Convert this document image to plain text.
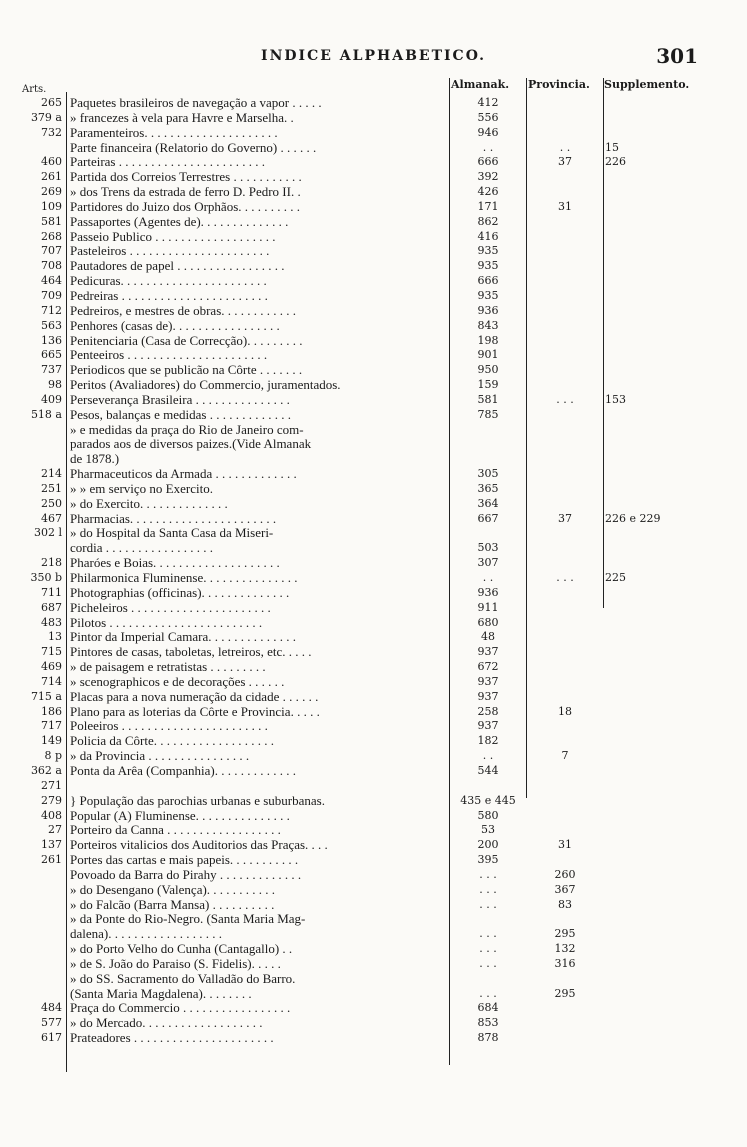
INDICE ALPHABETICO.	301
Arts.	Almanak. Provincia. Supplemento.
265 Paquetes brasileiros de navegação a vapor . . . . .	412
379 a » francezes à vela para Havre e Marselha. .	556
732 Paramenteiros. . . . . . . . . . . . . . . . . . . . .	946
Parte financeira (Relatorio do Governo) . . . . . .	. .	. .	15
460 Parteiras . . . . . . . . . . . . . . . . . . . . . . .	666	37	226
261 Partida dos Correios Terrestres . . . . . . . . . . .	392
269 » dos Trens da estrada de ferro D. Pedro II. .	426
109 Partidores do Juizo dos Orphãos. . . . . . . . . .	171	31
581 Passaportes (Agentes de). . . . . . . . . . . . . .	862
268 Passeio Publico . . . . . . . . . . . . . . . . . . .	416
707 Pasteleiros . . . . . . . . . . . . . . . . . . . . . .	935
708 Pautadores de papel . . . . . . . . . . . . . . . . .	935
464 Pedicuras. . . . . . . . . . . . . . . . . . . . . . .	666
709 Pedreiras . . . . . . . . . . . . . . . . . . . . . . .	935
712 Pedreiros, e mestres de obras. . . . . . . . . . . .	936
563 Penhores (casas de). . . . . . . . . . . . . . . . .	843
136 Penitenciaria (Casa de Correcção). . . . . . . . .	198
665 Penteeiros . . . . . . . . . . . . . . . . . . . . . .	901
737 Periodicos que se publicão na Côrte . . . . . . .	950
98 Peritos (Avaliadores) do Commercio, juramentados.	159
409 Perseverança Brasileira . . . . . . . . . . . . . . .	581	. . .	153
518 a Pesos, balanças e medidas . . . . . . . . . . . . .	785
» e medidas da praça do Rio de Janeiro com-
parados aos de diversos paizes.(Vide Almanak
de 1878.)
214 Pharmaceuticos da Armada . . . . . . . . . . . . .	305
251 » » em serviço no Exercito.	365
250 » do Exercito. . . . . . . . . . . . . .	364
467 Pharmacias. . . . . . . . . . . . . . . . . . . . . . .	667	37	226 e 229
302 l » do Hospital da Santa Casa da Miseri-
cordia . . . . . . . . . . . . . . . . .	503
218 Pharóes e Boias. . . . . . . . . . . . . . . . . . . .	307
350 b Philarmonica Fluminense. . . . . . . . . . . . . . .	. .	. . .	225
711 Photographias (officinas). . . . . . . . . . . . . .	936
687 Picheleiros . . . . . . . . . . . . . . . . . . . . . .	911
483 Pilotos . . . . . . . . . . . . . . . . . . . . . . . .	680
13 Pintor da Imperial Camara. . . . . . . . . . . . . .	48
715 Pintores de casas, taboletas, letreiros, etc. . . . .	937
469 » de paisagem e retratistas . . . . . . . . .	672
714 » scenographicos e de decorações . . . . . .	937
715 a Placas para a nova numeração da cidade . . . . . .	937
186 Plano para as loterias da Côrte e Provincia. . . . .	258	18
717 Poleeiros . . . . . . . . . . . . . . . . . . . . . . .	937
149 Policia da Côrte. . . . . . . . . . . . . . . . . . .	182
8 p » da Provincia . . . . . . . . . . . . . . . .	. .	7
362 a Ponta da Arêa (Companhia). . . . . . . . . . . . .	544
271
279 } População das parochias urbanas e suburbanas.	435 e 445
408 Popular (A) Fluminense. . . . . . . . . . . . . . .	580
27 Porteiro da Canna . . . . . . . . . . . . . . . . . .	53
137 Porteiros vitalicios dos Auditorios das Praças. . . .	200	31
261 Portes das cartas e mais papeis. . . . . . . . . . .	395
Povoado da Barra do Pirahy . . . . . . . . . . . . .	. . .	260
» do Desengano (Valença). . . . . . . . . . .	. . .	367
» do Falcão (Barra Mansa) . . . . . . . . . .	. . .	83
» da Ponte do Rio-Negro. (Santa Maria Mag-
dalena). . . . . . . . . . . . . . . . . .	. . .	295
» do Porto Velho do Cunha (Cantagallo) . .	. . .	132
» de S. João do Paraiso (S. Fidelis). . . . .	. . .	316
» do SS. Sacramento do Valladão do Barro.
(Santa Maria Magdalena). . . . . . . .	. . .	295
484 Praça do Commercio . . . . . . . . . . . . . . . . .	684
577 » do Mercado. . . . . . . . . . . . . . . . . . .	853
617 Prateadores . . . . . . . . . . . . . . . . . . . . . .	878
